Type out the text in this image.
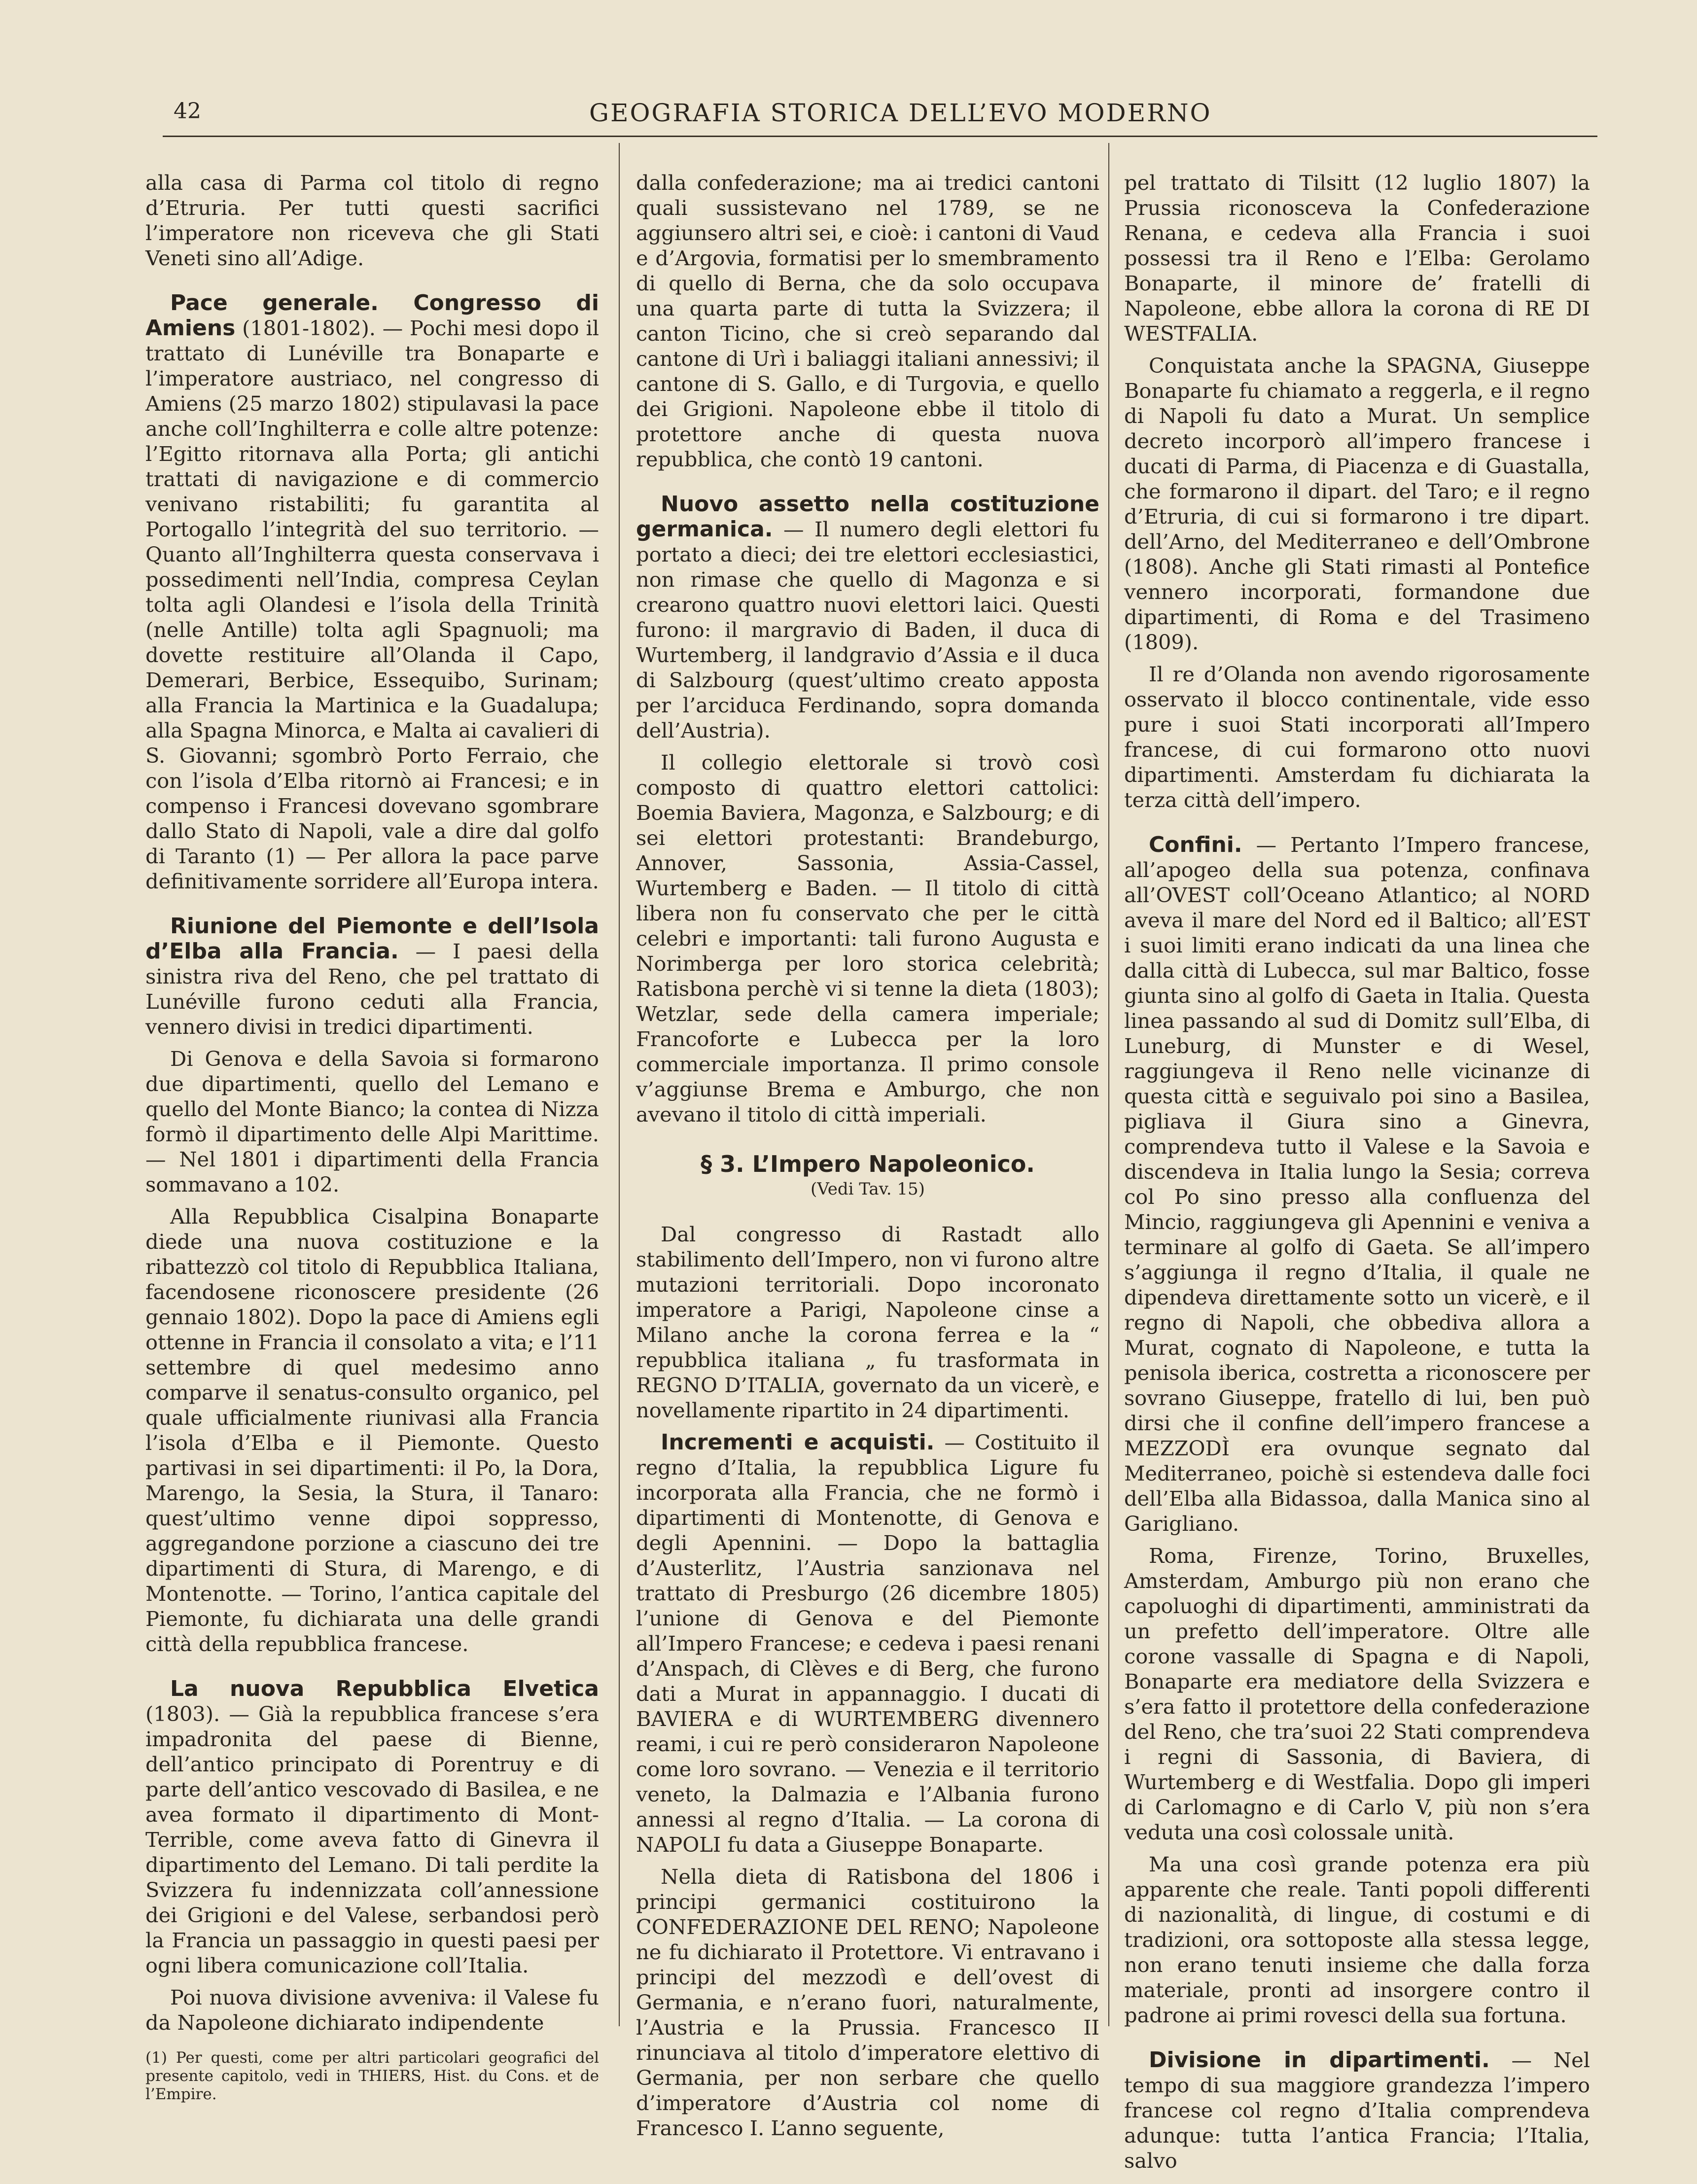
42	GEOGRAFIA STORICA DELL’EVO MODERNO

alla casa di Parma col titolo di regno d’Etruria. Per tutti questi sacrifici l’imperatore non riceveva che gli Stati Veneti sino all’Adige.

Pace generale. Congresso di Amiens (1801-1802). — Pochi mesi dopo il trattato di Lunéville tra Bonaparte e l’imperatore austriaco, nel congresso di Amiens (25 marzo 1802) stipulavasi la pace anche coll’Inghilterra e colle altre potenze: l’Egitto ritornava alla Porta; gli antichi trattati di navigazione e di commercio venivano ristabiliti; fu garantita al Portogallo l’integrità del suo territorio. — Quanto all’Inghilterra questa conservava i possedimenti nell’India, compresa Ceylan tolta agli Olandesi e l’isola della Trinità (nelle Antille) tolta agli Spagnuoli; ma dovette restituire all’Olanda il Capo, Demerari, Berbice, Essequibo, Surinam; alla Francia la Martinica e la Guadalupa; alla Spagna Minorca, e Malta ai cavalieri di S. Giovanni; sgombrò Porto Ferraio, che con l’isola d’Elba ritornò ai Francesi; e in compenso i Francesi dovevano sgombrare dallo Stato di Napoli, vale a dire dal golfo di Taranto (1) — Per allora la pace parve definitivamente sorridere all’Europa intera.

Riunione del Piemonte e dell’Isola d’Elba alla Francia. — I paesi della sinistra riva del Reno, che pel trattato di Lunéville furono ceduti alla Francia, vennero divisi in tredici dipartimenti.

Di Genova e della Savoia si formarono due dipartimenti, quello del Lemano e quello del Monte Bianco; la contea di Nizza formò il dipartimento delle Alpi Marittime. — Nel 1801 i dipartimenti della Francia sommavano a 102.

Alla Repubblica Cisalpina Bonaparte diede una nuova costituzione e la ribattezzò col titolo di Repubblica Italiana, facendosene riconoscere presidente (26 gennaio 1802). Dopo la pace di Amiens egli ottenne in Francia il consolato a vita; e l’11 settembre di quel medesimo anno comparve il senatus-consulto organico, pel quale ufficialmente riunivasi alla Francia l’isola d’Elba e il Piemonte. Questo partivasi in sei dipartimenti: il Po, la Dora, Marengo, la Sesia, la Stura, il Tanaro: quest’ultimo venne dipoi soppresso, aggregandone porzione a ciascuno dei tre dipartimenti di Stura, di Marengo, e di Montenotte. — Torino, l’antica capitale del Piemonte, fu dichiarata una delle grandi città della repubblica francese.

La nuova Repubblica Elvetica (1803). — Già la repubblica francese s’era impadronita del paese di Bienne, dell’antico principato di Porentruy e di parte dell’antico vescovado di Basilea, e ne avea formato il dipartimento di Mont-Terrible, come aveva fatto di Ginevra il dipartimento del Lemano. Di tali perdite la Svizzera fu indennizzata coll’annessione dei Grigioni e del Valese, serbandosi però la Francia un passaggio in questi paesi per ogni libera comunicazione coll’Italia.

Poi nuova divisione avveniva: il Valese fu da Napoleone dichiarato indipendente

(1) Per questi, come per altri particolari geografici del presente capitolo, vedi in THIERS, Hist. du Cons. et de l’Empire.

dalla confederazione; ma ai tredici cantoni quali sussistevano nel 1789, se ne aggiunsero altri sei, e cioè: i cantoni di Vaud e d’Argovia, formatisi per lo smembramento di quello di Berna, che da solo occupava una quarta parte di tutta la Svizzera; il canton Ticino, che si creò separando dal cantone di Urì i baliaggi italiani annessivi; il cantone di S. Gallo, e di Turgovia, e quello dei Grigioni. Napoleone ebbe il titolo di protettore anche di questa nuova repubblica, che contò 19 cantoni.

Nuovo assetto nella costituzione germanica. — Il numero degli elettori fu portato a dieci; dei tre elettori ecclesiastici, non rimase che quello di Magonza e si crearono quattro nuovi elettori laici. Questi furono: il margravio di Baden, il duca di Wurtemberg, il landgravio d’Assia e il duca di Salzbourg (quest’ultimo creato apposta per l’arciduca Ferdinando, sopra domanda dell’Austria).

Il collegio elettorale si trovò così composto di quattro elettori cattolici: Boemia Baviera, Magonza, e Salzbourg; e di sei elettori protestanti: Brandeburgo, Annover, Sassonia, Assia-Cassel, Wurtemberg e Baden. — Il titolo di città libera non fu conservato che per le città celebri e importanti: tali furono Augusta e Norimberga per loro storica celebrità; Ratisbona perchè vi si tenne la dieta (1803); Wetzlar, sede della camera imperiale; Francoforte e Lubecca per la loro commerciale importanza. Il primo console v’aggiunse Brema e Amburgo, che non avevano il titolo di città imperiali.

§ 3. L’Impero Napoleonico.
(Vedi Tav. 15)

Dal congresso di Rastadt allo stabilimento dell’Impero, non vi furono altre mutazioni territoriali. Dopo incoronato imperatore a Parigi, Napoleone cinse a Milano anche la corona ferrea e la “ repubblica italiana „ fu trasformata in REGNO D’ITALIA, governato da un vicerè, e novellamente ripartito in 24 dipartimenti.

Incrementi e acquisti. — Costituito il regno d’Italia, la repubblica Ligure fu incorporata alla Francia, che ne formò i dipartimenti di Montenotte, di Genova e degli Apennini. — Dopo la battaglia d’Austerlitz, l’Austria sanzionava nel trattato di Presburgo (26 dicembre 1805) l’unione di Genova e del Piemonte all’Impero Francese; e cedeva i paesi renani d’Anspach, di Clèves e di Berg, che furono dati a Murat in appannaggio. I ducati di BAVIERA e di WURTEMBERG divennero reami, i cui re però consideraron Napoleone come loro sovrano. — Venezia e il territorio veneto, la Dalmazia e l’Albania furono annessi al regno d’Italia. — La corona di NAPOLI fu data a Giuseppe Bonaparte.

Nella dieta di Ratisbona del 1806 i principi germanici costituirono la CONFEDERAZIONE DEL RENO; Napoleone ne fu dichiarato il Protettore. Vi entravano i principi del mezzodì e dell’ovest di Germania, e n’erano fuori, naturalmente, l’Austria e la Prussia. Francesco II rinunciava al titolo d’imperatore elettivo di Germania, per non serbare che quello d’imperatore d’Austria col nome di Francesco I. L’anno seguente,

pel trattato di Tilsitt (12 luglio 1807) la Prussia riconosceva la Confederazione Renana, e cedeva alla Francia i suoi possessi tra il Reno e l’Elba: Gerolamo Bonaparte, il minore de’ fratelli di Napoleone, ebbe allora la corona di RE DI WESTFALIA.

Conquistata anche la SPAGNA, Giuseppe Bonaparte fu chiamato a reggerla, e il regno di Napoli fu dato a Murat. Un semplice decreto incorporò all’impero francese i ducati di Parma, di Piacenza e di Guastalla, che formarono il dipart. del Taro; e il regno d’Etruria, di cui si formarono i tre dipart. dell’Arno, del Mediterraneo e dell’Ombrone (1808). Anche gli Stati rimasti al Pontefice vennero incorporati, formandone due dipartimenti, di Roma e del Trasimeno (1809).

Il re d’Olanda non avendo rigorosamente osservato il blocco continentale, vide esso pure i suoi Stati incorporati all’Impero francese, di cui formarono otto nuovi dipartimenti. Amsterdam fu dichiarata la terza città dell’impero.

Confini. — Pertanto l’Impero francese, all’apogeo della sua potenza, confinava all’OVEST coll’Oceano Atlantico; al NORD aveva il mare del Nord ed il Baltico; all’EST i suoi limiti erano indicati da una linea che dalla città di Lubecca, sul mar Baltico, fosse giunta sino al golfo di Gaeta in Italia. Questa linea passando al sud di Domitz sull’Elba, di Luneburg, di Munster e di Wesel, raggiungeva il Reno nelle vicinanze di questa città e seguivalo poi sino a Basilea, pigliava il Giura sino a Ginevra, comprendeva tutto il Valese e la Savoia e discendeva in Italia lungo la Sesia; correva col Po sino presso alla confluenza del Mincio, raggiungeva gli Apennini e veniva a terminare al golfo di Gaeta. Se all’impero s’aggiunga il regno d’Italia, il quale ne dipendeva direttamente sotto un vicerè, e il regno di Napoli, che obbediva allora a Murat, cognato di Napoleone, e tutta la penisola iberica, costretta a riconoscere per sovrano Giuseppe, fratello di lui, ben può dirsi che il confine dell’impero francese a MEZZODÌ era ovunque segnato dal Mediterraneo, poichè si estendeva dalle foci dell’Elba alla Bidassoa, dalla Manica sino al Garigliano.

Roma, Firenze, Torino, Bruxelles, Amsterdam, Amburgo più non erano che capoluoghi di dipartimenti, amministrati da un prefetto dell’imperatore. Oltre alle corone vassalle di Spagna e di Napoli, Bonaparte era mediatore della Svizzera e s’era fatto il protettore della confederazione del Reno, che tra’suoi 22 Stati comprendeva i regni di Sassonia, di Baviera, di Wurtemberg e di Westfalia. Dopo gli imperi di Carlomagno e di Carlo V, più non s’era veduta una così colossale unità.

Ma una così grande potenza era più apparente che reale. Tanti popoli differenti di nazionalità, di lingue, di costumi e di tradizioni, ora sottoposte alla stessa legge, non erano tenuti insieme che dalla forza materiale, pronti ad insorgere contro il padrone ai primi rovesci della sua fortuna.

Divisione in dipartimenti. — Nel tempo di sua maggiore grandezza l’impero francese col regno d’Italia comprendeva adunque: tutta l’antica Francia; l’Italia, salvo
